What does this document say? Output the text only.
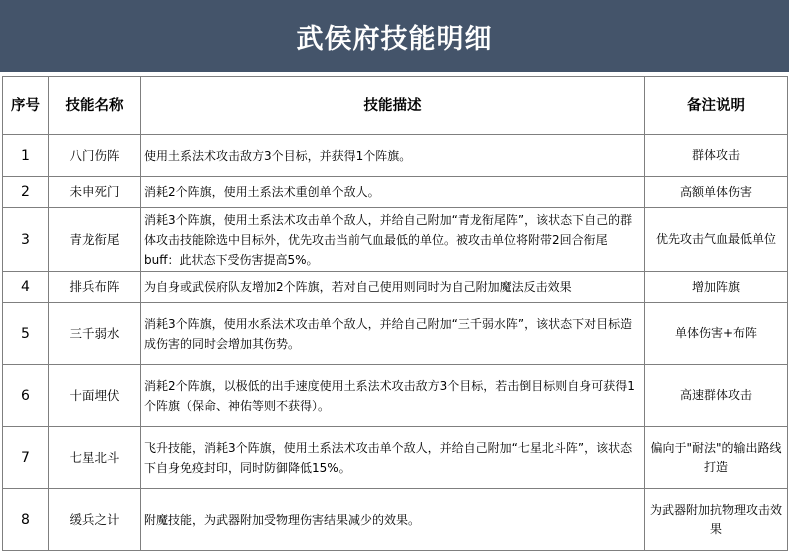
武侯府技能明细
序号	技能名称	技能描述	备注说明
1	八门伤阵	使用土系法术攻击敌方3个目标，并获得1个阵旗。	群体攻击
2	未申死门	消耗2个阵旗，使用土系法术重创单个敌人。	高额单体伤害
3	青龙衔尾	消耗3个阵旗，使用土系法术攻击单个敌人，并给自己附加“青龙衔尾阵”，该状态下自己的群体攻击技能除选中目标外，优先攻击当前气血最低的单位。被攻击单位将附带2回合衔尾buff：此状态下受伤害提高5%。	优先攻击气血最低单位
4	排兵布阵	为自身或武侯府队友增加2个阵旗，若对自己使用则同时为自己附加魔法反击效果	增加阵旗
5	三千弱水	消耗3个阵旗，使用水系法术攻击单个敌人，并给自己附加“三千弱水阵”，该状态下对目标造成伤害的同时会增加其伤势。	单体伤害+布阵
6	十面埋伏	消耗2个阵旗，以极低的出手速度使用土系法术攻击敌方3个目标，若击倒目标则自身可获得1个阵旗（保命、神佑等则不获得）。	高速群体攻击
7	七星北斗	飞升技能，消耗3个阵旗，使用土系法术攻击单个敌人，并给自己附加“七星北斗阵”，该状态下自身免疫封印，同时防御降低15%。	偏向于"耐法"的输出路线打造
8	缓兵之计	附魔技能，为武器附加受物理伤害结果减少的效果。	为武器附加抗物理攻击效果
